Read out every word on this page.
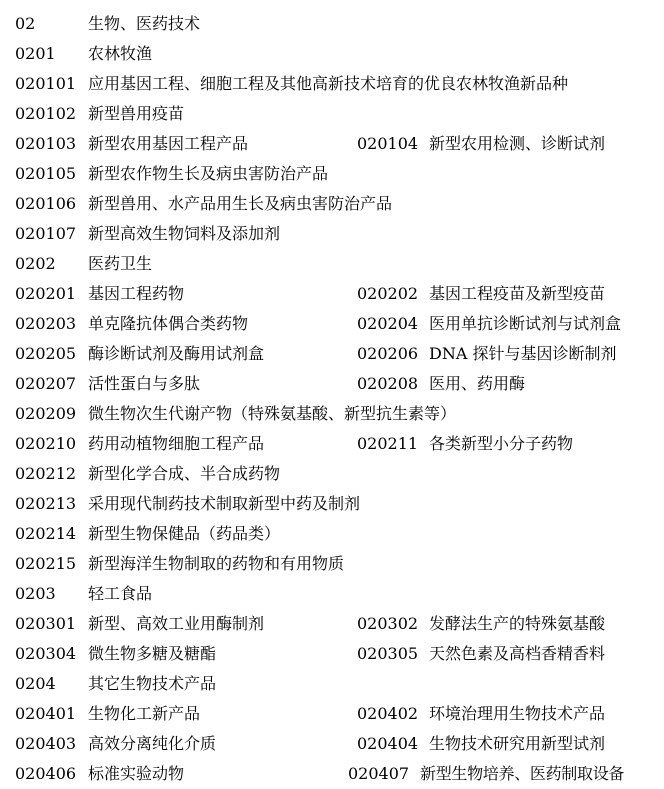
02	生物、医药技术
0201 农林牧渔
020101 应用基因工程、细胞工程及其他高新技术培育的优良农林牧渔新品种
020102 新型兽用疫苗
020103 新型农用基因工程产品	020104 新型农用检测、诊断试剂
020105 新型农作物生长及病虫害防治产品
020106 新型兽用、水产品用生长及病虫害防治产品
020107 新型高效生物饲料及添加剂
0202 医药卫生
020201 基因工程药物	020202 基因工程疫苗及新型疫苗
020203 单克隆抗体偶合类药物	020204 医用单抗诊断试剂与试剂盒
020205 酶诊断试剂及酶用试剂盒	020206 DNA 探针与基因诊断制剂
020207 活性蛋白与多肽	020208 医用、药用酶
020209 微生物次生代谢产物（特殊氨基酸、新型抗生素等）
020210 药用动植物细胞工程产品	020211 各类新型小分子药物
020212 新型化学合成、半合成药物
020213 采用现代制药技术制取新型中药及制剂
020214 新型生物保健品（药品类）
020215 新型海洋生物制取的药物和有用物质
0203 轻工食品
020301 新型、高效工业用酶制剂	020302 发酵法生产的特殊氨基酸
020304 微生物多糖及糖酯	020305 天然色素及高档香精香料
0204 其它生物技术产品
020401 生物化工新产品	020402 环境治理用生物技术产品
020403 高效分离纯化介质	020404 生物技术研究用新型试剂
020406 标准实验动物	020407 新型生物培养、医药制取设备
